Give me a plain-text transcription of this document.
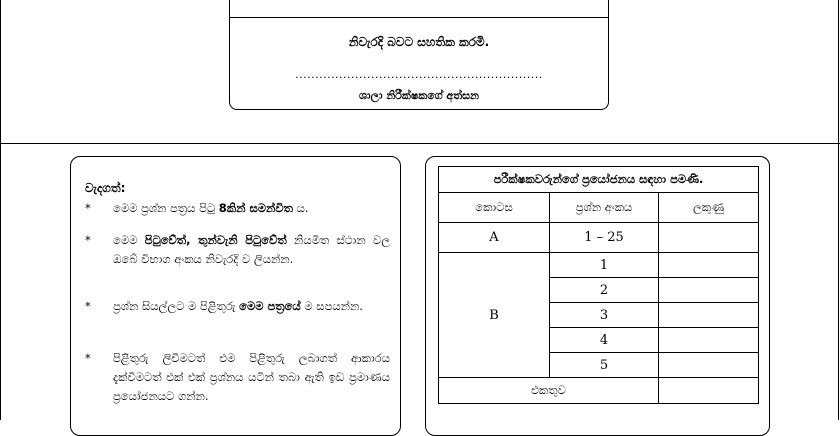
නිවැරදි බවට සහතික කරමි.
..............................................................
ශාලා නිරීක්ෂකගේ අත්සන
වැදගත්:
* මෙම ප්‍රශ්න පත්‍රය පිටු 8කින් සමන්විත ය.
* මෙම පිටුවේත්, තුන්වැනි පිටුවේත් නියමිත ස්ථාන වල ඔබේ විභාග අංකය නිවැරදි ව ලියන්න.
* ප්‍රශ්න සියල්ලට ම පිළිතුරු මෙම පත්‍රයේ ම සපයන්න.
* පිළිතුරු ලිවීමටත් එම පිළිතුරු ලබාගත් ආකාරය දැක්වීමටත් එක් එක් ප්‍රශ්නය යටින් තබා ඇති ඉඩ ප්‍රමාණය ප්‍රයෝජනයට ගන්න.
පරීක්ෂකවරුන්ගේ ප්‍රයෝජනය සඳහා පමණි.		
කොටස	ප්‍රශ්න අංකය	ලකුණු
A	1 – 25	
B	1	
	2	
	3	
	4	
	5	
එකතුව		
